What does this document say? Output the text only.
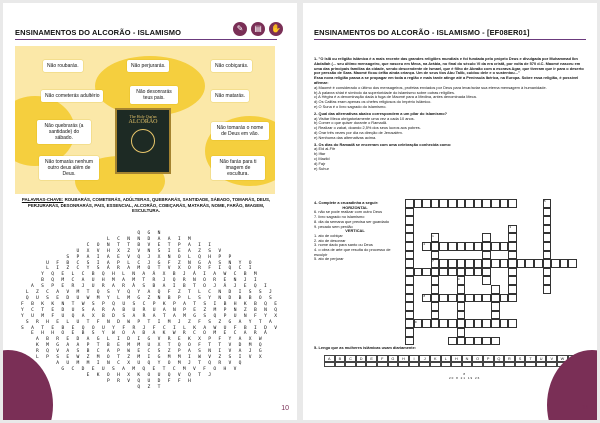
ENSINAMENTOS DO ALCORÃO - ISLAMISMO	✎	▤	✋
Não roubarás.	Não perjurarás.	Não cobiçarás.
Não cometerás adultério
Não desonrarás teus pais.	Não matarás.
Não quebrarás (a santidade) do sábado.
Não tomarás o nome de Deus em vão.
Não tomarás nenhum outro deus além de Deus.
Não farás para ti imagem de escultura.
The Holy Qur'an
ALCORÃO
PALAVRAS-CHAVE: ROUBARÁS, COMETERÁS, ADÚLTERAS, QUEBRARÁS, SANTIDADE, SÁBADO, TOMARÁS, DEUS, PERJURARÁS, DESONRARÁS, PAIS, ESSENCIAL, ALCORÃO, COBIÇARÁS, MATARÁS, NOME, FARÃO, IMAGEM, ESCULTURA.
Q G N
L C N N D A A I M
C O N T T B V E T P A I I
U X V H X Z V N S I E A Z S V
S P A I A E V Q J X N O L Q H P P
U F B C S I A P L C J G F Z N G A S N Y O
L I Z C Y S Á R A M O T V X O R F I Q C I
Y Q E L C B Q H L N A Á X B J Á I A W C B M
B Q M C A U H M A M T R J Q R N O R E N J I
A S P E R J U R A R Á S B A I B T O J Á J E Q I
L Z C A V M T Q S Y Q Y A Q F Z T L C N D I S S J
Q U S E D U W M Y L M G Z N B P L S Y N D B B O S
F B K K N T W S P Q U S C P K P A T S I B H K B Q E
Y C T E D U S A R A B U R U A N P E Z M P N Z B N Q
Y U M F U Q A X B D S A R A T A M G S Q P U N F Y X
S R H E L U T F N D W P T I M J Z F S Z G A Y T A
S A T E B E Q O U Y F R J F C I L K A W U F B I D V
E H H O E B S Y W O A B A K W R C O M E C A R Á
A B R E D A G L I D I G V R E K X P F Y A X W
K M G A A P T B E M M U X T Q O F T T V D M Q
R Q V A S B C A P W E C S Z P A S N I V A J G
L P S E W Z M O T Z M I G M M I W V Z S I V X
A U M M I N C X U Q Y O M J T Q R V Q
G C D E U S A M Q E T C M V F O H V
E K O H X K O U Q V Q T J
P R V Q U D F F H
Q Z T
10
ENSINAMENTOS DO ALCORÃO - ISLAMISMO - [EF08ER01]
1- "O Islã ou religião islâmica é a mais recente das grandes religiões mundiais e foi fundada pelo próprio Deus e divulgada por Muhammad Ibn Abdallah (... seu último mensageiro, que nasceu em Meca, na Arábia, no final do século VI da era cristã, por volta de 570 d.C. Maomé nasceu em uma das principais famílias da cidade, sendo descendente de Ismael, que é filho de Abraão com a escrava Agar, que tiveram que ir para o deserto por pressão de Sara. Maomé ficou órfão ainda criança. Um de seus tios Abu Talib, cuidou dele e o sustentou..."
Essa nova religião passa a se propagar em toda a região e mais tarde atinge até a Península Ibérica, na Europa. Sobre essa religião, é possível afirmar:
a) Maomé é considerado o último dos mensageiros, profetas enviados por Deus para levar/aviar sua eterna mensagem à humanidade.
b) A palavra shiat é símbolo da superioridade do islamismo sobre outras religiões.
c) A Hégira é a denominação dada à fuga de Maomé para a Medina, antes denominada Meca.
d) Os Califas eram apenas os chefes religiosos do Império Islâmico.
e) O Suna é o livro sagrado do islamismo.
2- Qual das alternativas abaixo correspondem a um pilar do islamismo?
a) Visitar Meca obrigatoriamente uma vez a cada 10 anos.
b) Comer o que quiser durante o Ramadã.
c) Realizar o zakat, doando 2,5% dos seus lucros aos pobres.
d) Orar três vezes por dia na direção de Jerusalém.
e) Nenhuma das alternativas acima.
3- Os dias do Ramadã se encerram com uma celebração conhecida como:
a) Eid al-Fitr
b) Iftar
c) Mazlid
d) Fajr
e) Suhur
4- Complete a cruzadinha a seguir:
HORIZONTAL
6. não se pode realizar com outro Deus
7. livro sagrado no islamismo
8. dia da semana que precisa ser guardado
9. pecado sem perdão
VERTICAL
1. ato de cobiçar
2. ato de desonrar
3. nome dado para santo ou Deus
4. o obra de arte que resulta do processo de esculpir
5. ato de perjurar
5
1
2
3
7
8
4
9
5- Lengo que as mulheres islâmicas usam diariamente:
A	B	C	D	E	F	G	H	I	J	K	L	H	N	O	P	Q	R	S	T	U	V	W
8
20 8 21 19 26
11
